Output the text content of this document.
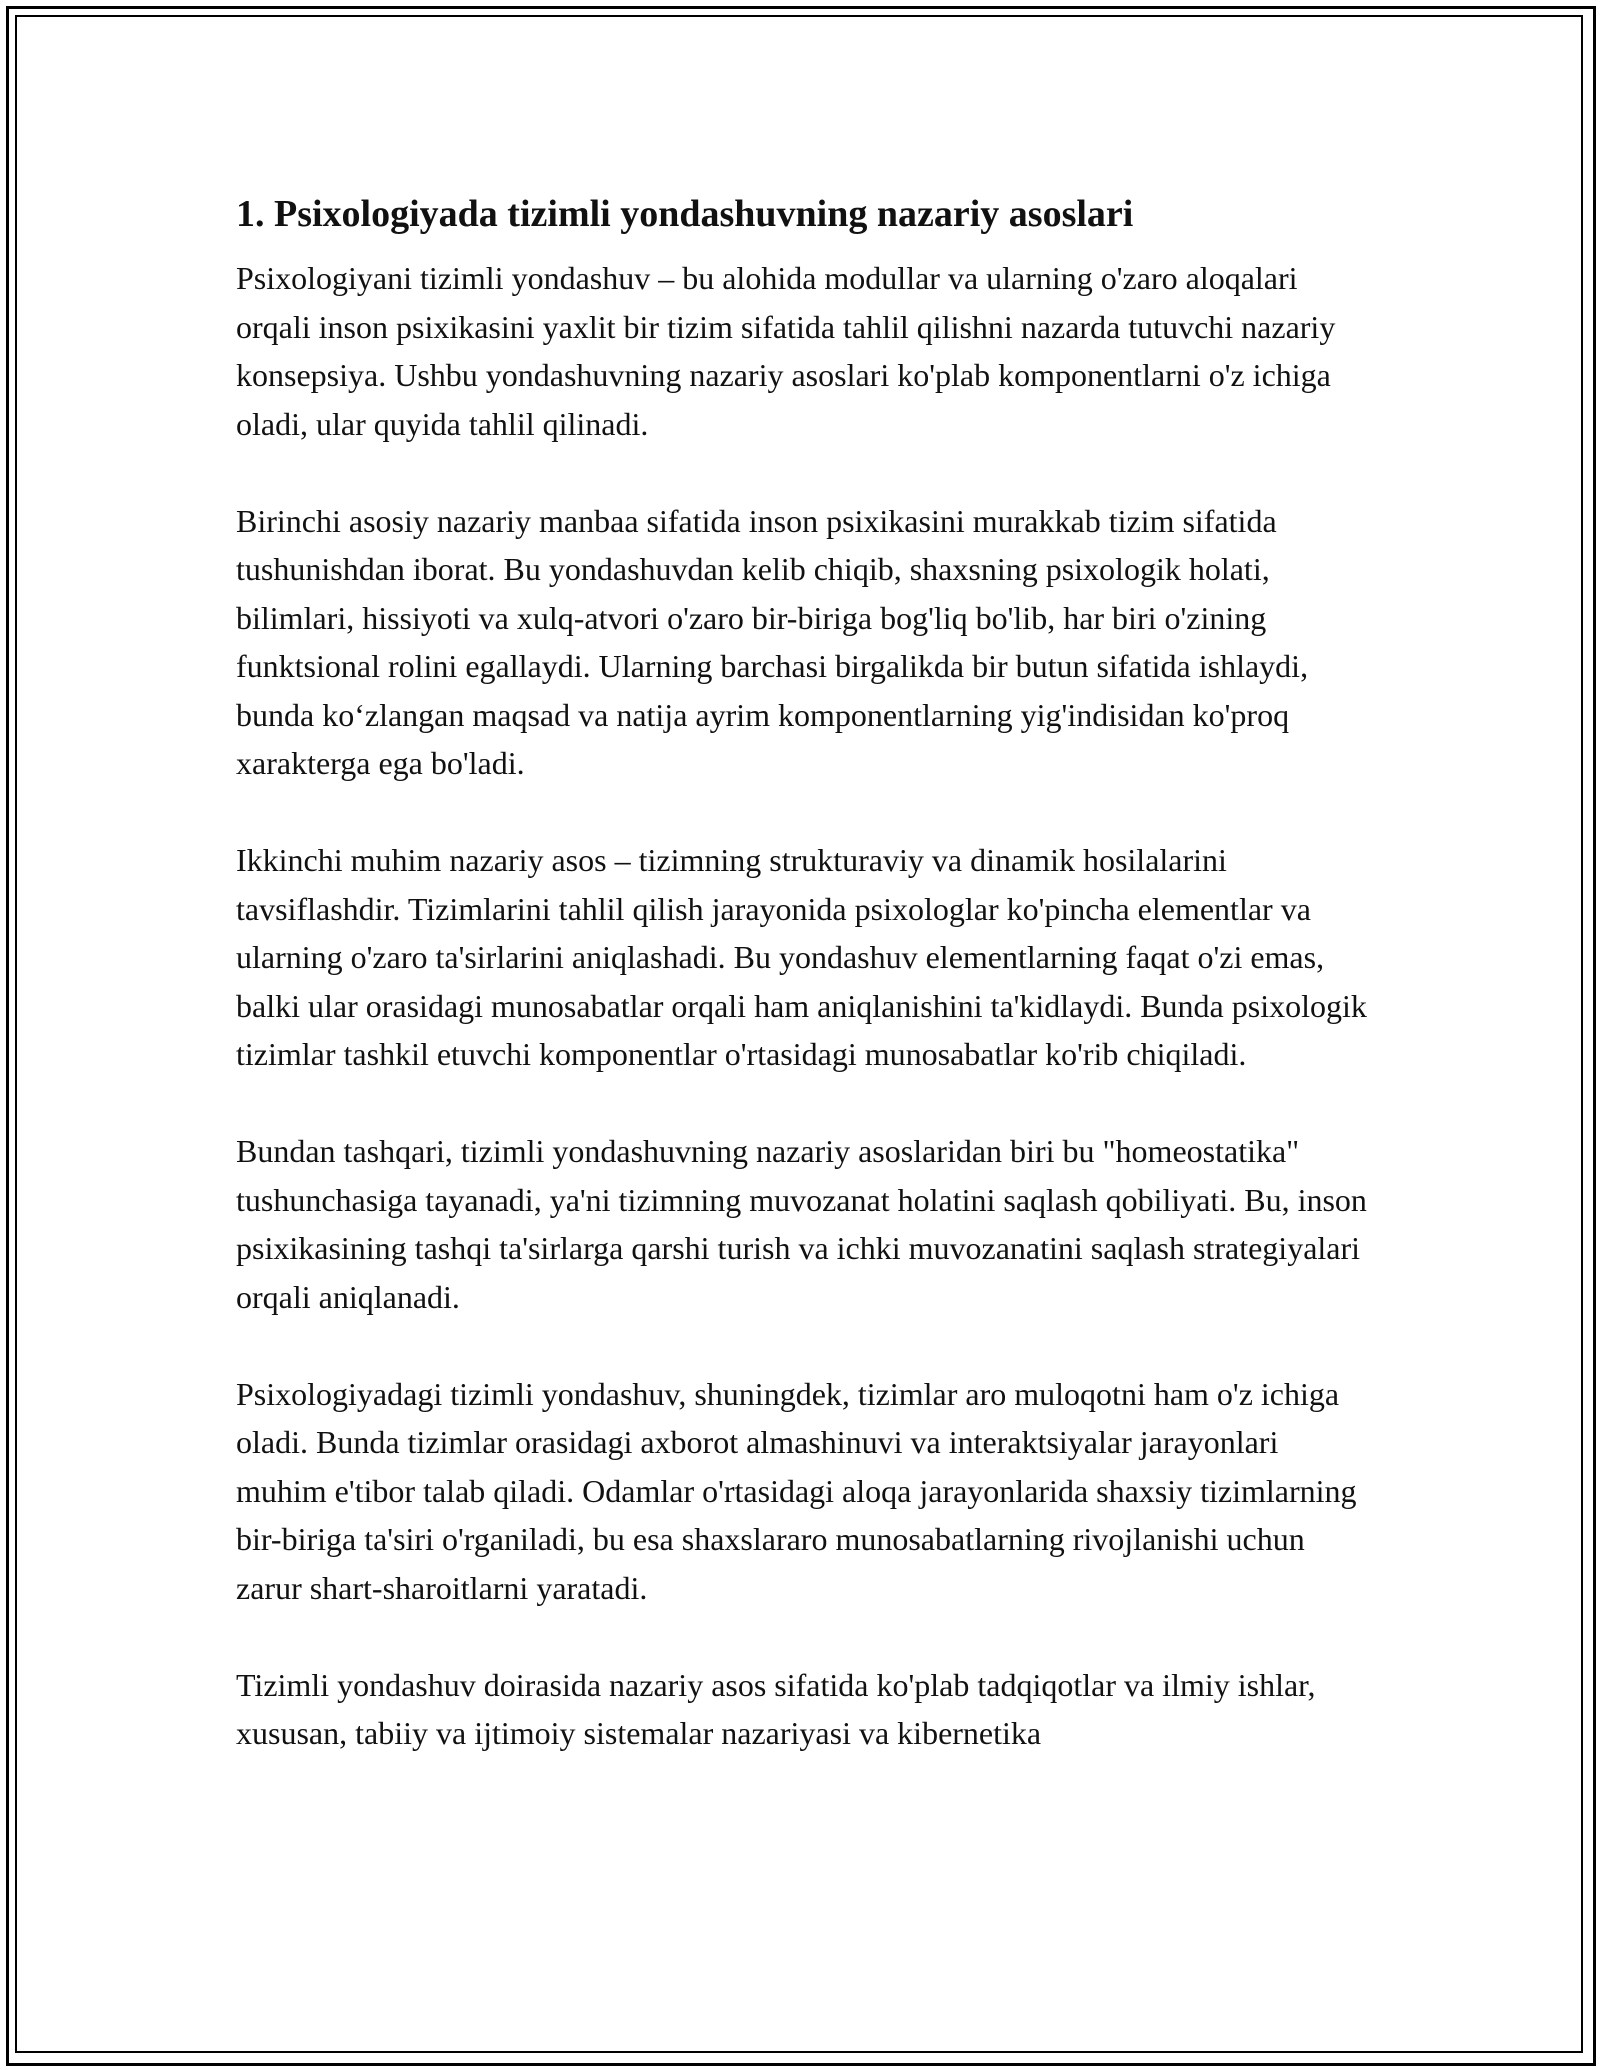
1. Psixologiyada tizimli yondashuvning nazariy asoslari

Psixologiyani tizimli yondashuv – bu alohida modullar va ularning o'zaro aloqalari orqali inson psixikasini yaxlit bir tizim sifatida tahlil qilishni nazarda tutuvchi nazariy konsepsiya. Ushbu yondashuvning nazariy asoslari ko'plab komponentlarni o'z ichiga oladi, ular quyida tahlil qilinadi.

Birinchi asosiy nazariy manbaa sifatida inson psixikasini murakkab tizim sifatida tushunishdan iborat. Bu yondashuvdan kelib chiqib, shaxsning psixologik holati, bilimlari, hissiyoti va xulq-atvori o'zaro bir-biriga bog'liq bo'lib, har biri o'zining funktsional rolini egallaydi. Ularning barchasi birgalikda bir butun sifatida ishlaydi, bunda ko‘zlangan maqsad va natija ayrim komponentlarning yig'indisidan ko'proq xarakterga ega bo'ladi.

Ikkinchi muhim nazariy asos – tizimning strukturaviy va dinamik hosilalarini tavsiflashdir. Tizimlarini tahlil qilish jarayonida psixologlar ko'pincha elementlar va ularning o'zaro ta'sirlarini aniqlashadi. Bu yondashuv elementlarning faqat o'zi emas, balki ular orasidagi munosabatlar orqali ham aniqlanishini ta'kidlaydi. Bunda psixologik tizimlar tashkil etuvchi komponentlar o'rtasidagi munosabatlar ko'rib chiqiladi.

Bundan tashqari, tizimli yondashuvning nazariy asoslaridan biri bu "homeostatika" tushunchasiga tayanadi, ya'ni tizimning muvozanat holatini saqlash qobiliyati. Bu, inson psixikasining tashqi ta'sirlarga qarshi turish va ichki muvozanatini saqlash strategiyalari orqali aniqlanadi.

Psixologiyadagi tizimli yondashuv, shuningdek, tizimlar aro muloqotni ham o'z ichiga oladi. Bunda tizimlar orasidagi axborot almashinuvi va interaktsiyalar jarayonlari muhim e'tibor talab qiladi. Odamlar o'rtasidagi aloqa jarayonlarida shaxsiy tizimlarning bir-biriga ta'siri o'rganiladi, bu esa shaxslararo munosabatlarning rivojlanishi uchun zarur shart-sharoitlarni yaratadi.

Tizimli yondashuv doirasida nazariy asos sifatida ko'plab tadqiqotlar va ilmiy ishlar, xususan, tabiiy va ijtimoiy sistemalar nazariyasi va kibernetika
